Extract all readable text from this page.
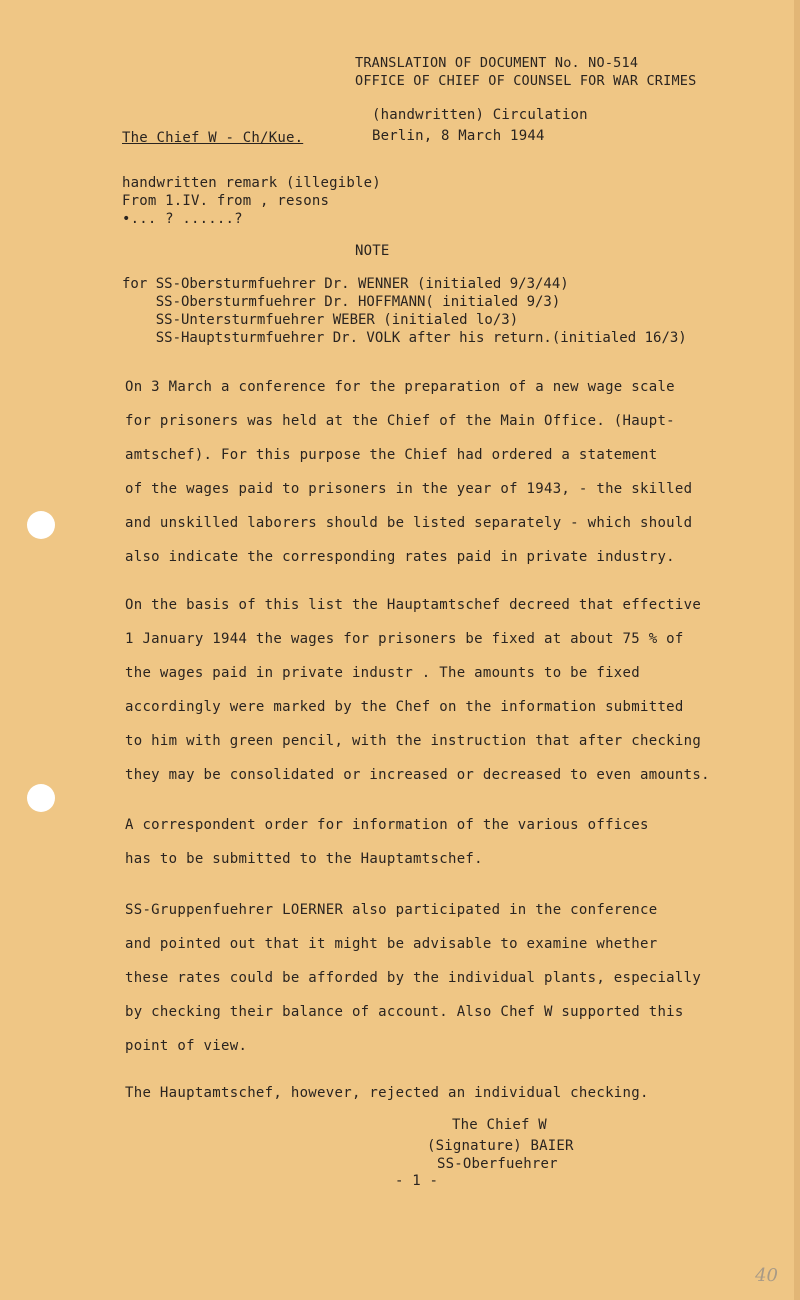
TRANSLATION OF DOCUMENT No. NO-514
OFFICE OF CHIEF OF COUNSEL FOR WAR CRIMES
(handwritten) Circulation
Berlin, 8 March 1944
The Chief W - Ch/Kue.
handwritten remark (illegible)
From 1.IV. from , resons
•... ? ......?
NOTE
for SS-Obersturmfuehrer Dr. WENNER (initialed 9/3/44)
SS-Obersturmfuehrer Dr. HOFFMANN( initialed 9/3)
SS-Untersturmfuehrer WEBER (initialed lo/3)
SS-Hauptsturmfuehrer Dr. VOLK after his return.(initialed 16/3)
On 3 March a conference for the preparation of a new wage scale
for prisoners was held at the Chief of the Main Office. (Haupt-
amtschef). For this purpose the Chief had ordered a statement
of the wages paid to prisoners in the year of 1943, - the skilled
and unskilled laborers should be listed separately - which should
also indicate the corresponding rates paid in private industry.
On the basis of this list the Hauptamtschef decreed that effective
1 January 1944 the wages for prisoners be fixed at about 75 % of
the wages paid in private industr . The amounts to be fixed
accordingly were marked by the Chef on the information submitted
to him with green pencil, with the instruction that after checking
they may be consolidated or increased or decreased to even amounts.
A correspondent order for information of the various offices
has to be submitted to the Hauptamtschef.
SS-Gruppenfuehrer LOERNER also participated in the conference
and pointed out that it might be advisable to examine whether
these rates could be afforded by the individual plants, especially
by checking their balance of account. Also Chef W supported this
point of view.
The Hauptamtschef, however, rejected an individual checking.
The Chief W
(Signature) BAIER
SS-Oberfuehrer
- 1 -
40
